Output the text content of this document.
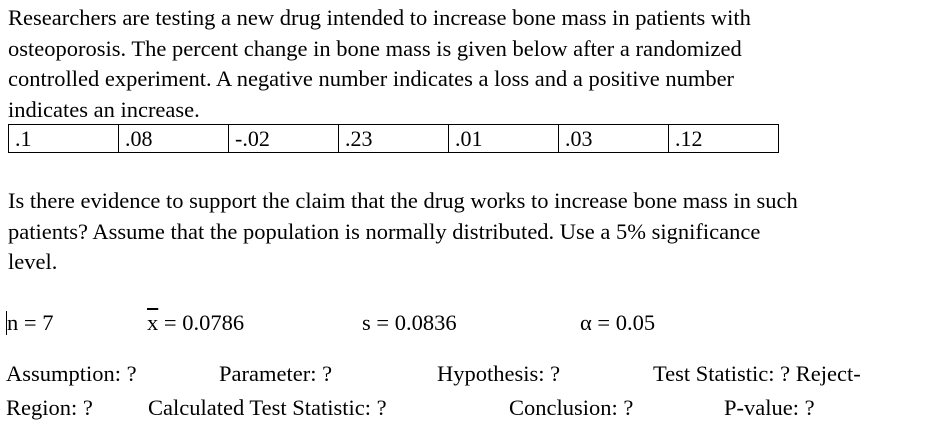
Researchers are testing a new drug intended to increase bone mass in patients with
osteoporosis. The percent change in bone mass is given below after a randomized
controlled experiment. A negative number indicates a loss and a positive number
indicates an increase.
.1	.08	-.02	.23	.01	.03	.12
Is there evidence to support the claim that the drug works to increase bone mass in such
patients? Assume that the population is normally distributed. Use a 5% significance
level.
n = 7	$\overline{x} = 0.0786$	s = 0.0836	α = 0.05
Assumption: ?	Parameter: ?	Hypothesis: ?	Test Statistic: ? Reject-
Region: ? Calculated Test Statistic: ?	Conclusion: ?	P-value: ?
